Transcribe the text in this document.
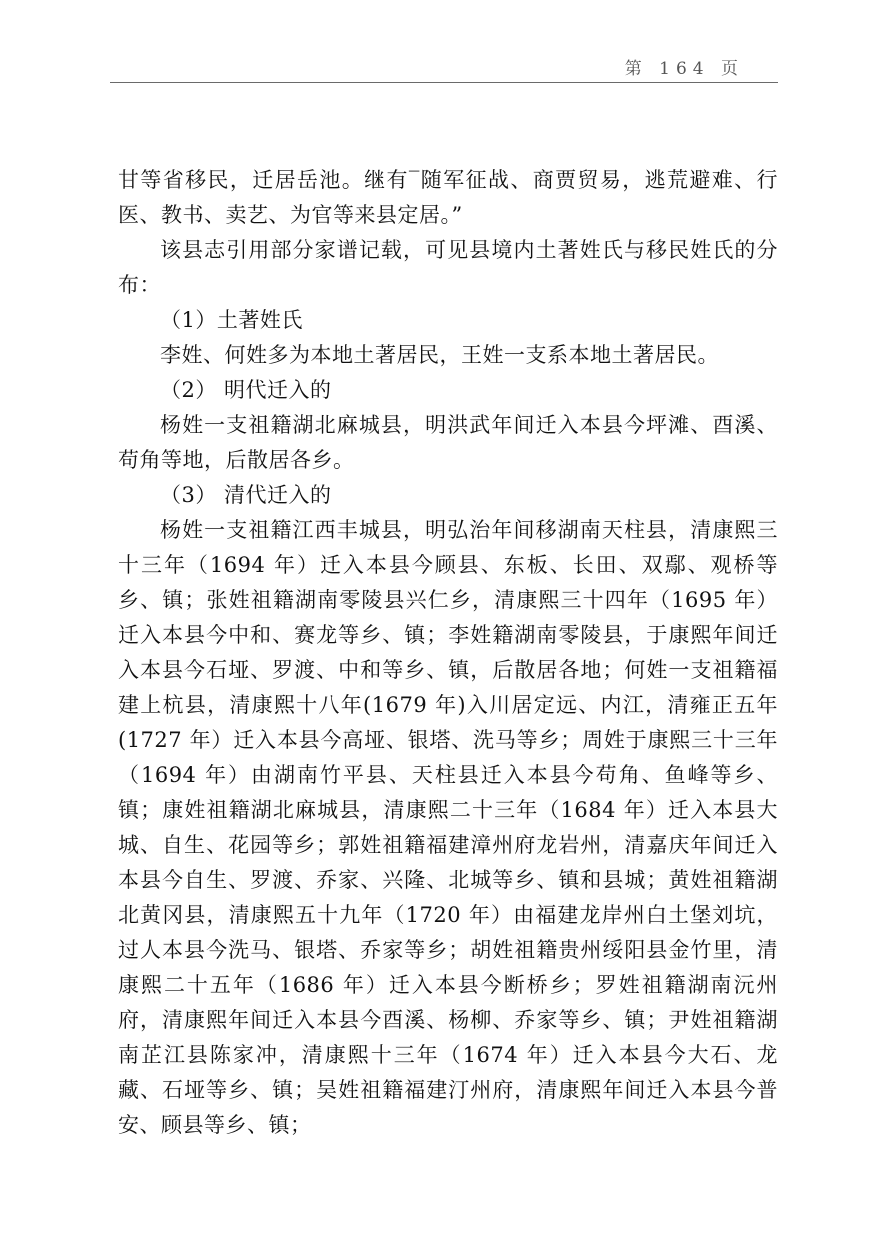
第 164 页

甘等省移民，迁居岳池。继有‾随军征战、商贾贸易，逃荒避难、行医、教书、卖艺、为官等来县定居。”

该县志引用部分家谱记载，可见县境内土著姓氏与移民姓氏的分布：

（1）土著姓氏

李姓、何姓多为本地土著居民，王姓一支系本地土著居民。

（2） 明代迁入的

杨姓一支祖籍湖北麻城县，明洪武年间迁入本县今坪滩、酉溪、苟角等地，后散居各乡。

（3） 清代迁入的

杨姓一支祖籍江西丰城县，明弘治年间移湖南天柱县，清康熙三十三年（1694 年）迁入本县今顾县、东板、长田、双鄢、观桥等乡、镇；张姓祖籍湖南零陵县兴仁乡，清康熙三十四年（1695 年）迁入本县今中和、赛龙等乡、镇；李姓籍湖南零陵县，于康熙年间迁入本县今石垭、罗渡、中和等乡、镇，后散居各地；何姓一支祖籍福建上杭县，清康熙十八年(1679 年)入川居定远、内江，清雍正五年(1727 年）迁入本县今高垭、银塔、洗马等乡；周姓于康熙三十三年（1694 年）由湖南竹平县、天柱县迁入本县今苟角、鱼峰等乡、镇；康姓祖籍湖北麻城县，清康熙二十三年（1684 年）迁入本县大城、自生、花园等乡；郭姓祖籍福建漳州府龙岩州，清嘉庆年间迁入本县今自生、罗渡、乔家、兴隆、北城等乡、镇和县城；黄姓祖籍湖北黄冈县，清康熙五十九年（1720 年）由福建龙岸州白土堡刘坑，过人本县今洗马、银塔、乔家等乡；胡姓祖籍贵州绥阳县金竹里，清康熙二十五年（1686 年）迁入本县今断桥乡；罗姓祖籍湖南沅州府，清康熙年间迁入本县今酉溪、杨柳、乔家等乡、镇；尹姓祖籍湖南芷江县陈家冲，清康熙十三年（1674 年）迁入本县今大石、龙藏、石垭等乡、镇；吴姓祖籍福建汀州府，清康熙年间迁入本县今普安、顾县等乡、镇；
